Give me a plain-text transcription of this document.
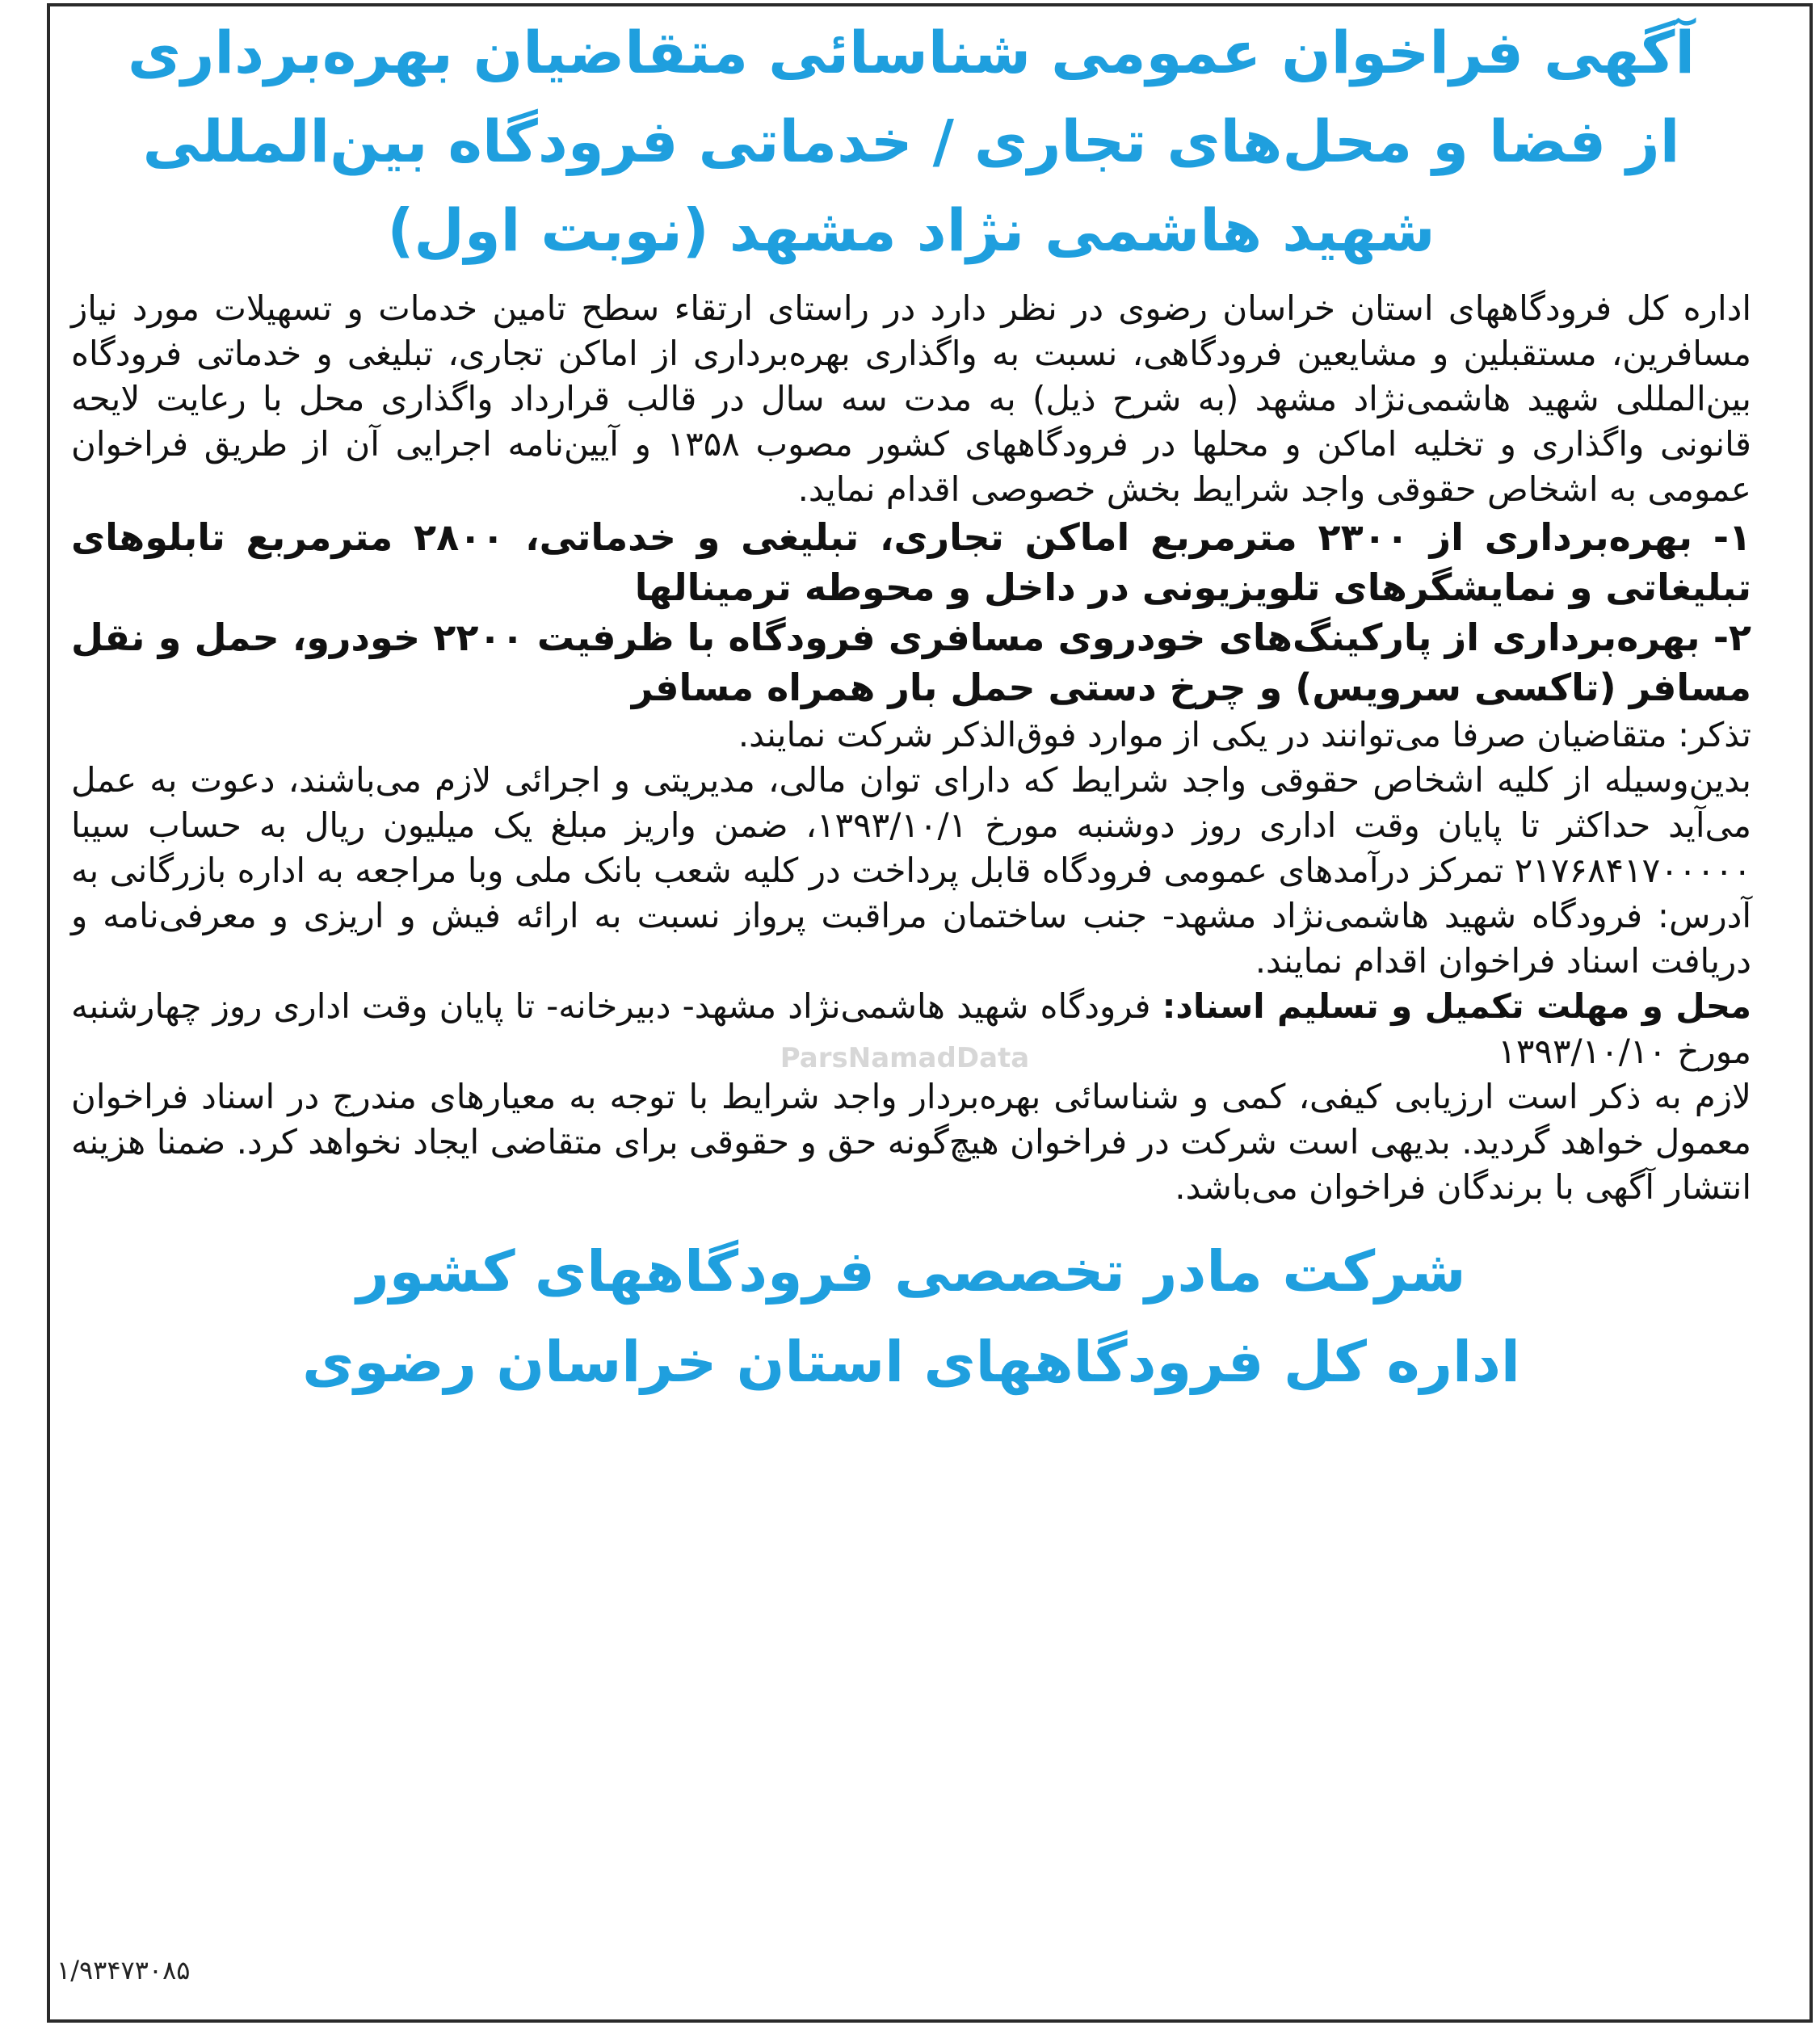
آگهی فراخوان عمومی شناسائی متقاضیان بهره‌برداری
از فضا و محل‌های تجاری / خدماتی فرودگاه بین‌المللی
شهید هاشمی نژاد مشهد (نوبت اول)

اداره کل فرودگاههای استان خراسان رضوی در نظر دارد در راستای ارتقاء سطح تامین خدمات و تسهیلات مورد نیاز مسافرین، مستقبلین و مشایعین فرودگاهی، نسبت به واگذاری بهره‌برداری از اماکن تجاری، تبلیغی و خدماتی فرودگاه بین‌المللی شهید هاشمی‌نژاد مشهد (به شرح ذیل) به مدت سه سال در قالب قرارداد واگذاری محل با رعایت لایحه قانونی واگذاری و تخلیه اماکن و محلها در فرودگاههای کشور مصوب ۱۳۵۸ و آیین‌نامه اجرایی آن از طریق فراخوان عمومی به اشخاص حقوقی واجد شرایط بخش خصوصی اقدام نماید.

۱- بهره‌برداری از ۲۳۰۰ مترمربع اماکن تجاری، تبلیغی و خدماتی، ۲۸۰۰ مترمربع تابلوهای تبلیغاتی و نمایشگرهای تلویزیونی در داخل و محوطه ترمینالها

۲- بهره‌برداری از پارکینگ‌های خودروی مسافری فرودگاه با ظرفیت ۲۲۰۰ خودرو، حمل و نقل مسافر (تاکسی سرویس) و چرخ دستی حمل بار همراه مسافر

تذکر: متقاضیان صرفا می‌توانند در یکی از موارد فوق‌الذکر شرکت نمایند.

بدین‌وسیله از کلیه اشخاص حقوقی واجد شرایط که دارای توان مالی، مدیریتی و اجرائی لازم می‌باشند، دعوت به عمل می‌آید حداکثر تا پایان وقت اداری روز دوشنبه مورخ ۱۳۹۳/۱۰/۱، ضمن واریز مبلغ یک میلیون ریال به حساب سیبا ۲۱۷۶۸۴۱۷۰۰۰۰۰ تمرکز درآمدهای عمومی فرودگاه قابل پرداخت در کلیه شعب بانک ملی وبا مراجعه به اداره بازرگانی به آدرس: فرودگاه شهید هاشمی‌نژاد مشهد- جنب ساختمان مراقبت پرواز نسبت به ارائه فیش و اریزی و معرفی‌نامه و دریافت اسناد فراخوان اقدام نمایند.

محل و مهلت تکمیل و تسلیم اسناد: فرودگاه شهید هاشمی‌نژاد مشهد- دبیرخانه- تا پایان وقت اداری روز چهارشنبه مورخ ۱۳۹۳/۱۰/۱۰

لازم به ذکر است ارزیابی کیفی، کمی و شناسائی بهره‌بردار واجد شرایط با توجه به معیارهای مندرج در اسناد فراخوان معمول خواهد گردید. بدیهی است شرکت در فراخوان هیچ‌گونه حق و حقوقی برای متقاضی ایجاد نخواهد کرد. ضمنا هزینه انتشار آگهی با برندگان فراخوان می‌باشد.

شرکت مادر تخصصی فرودگاههای کشور
اداره کل فرودگاههای استان خراسان رضوی
۱/۹۳۴۷۳۰۸۵
ParsNamadData
